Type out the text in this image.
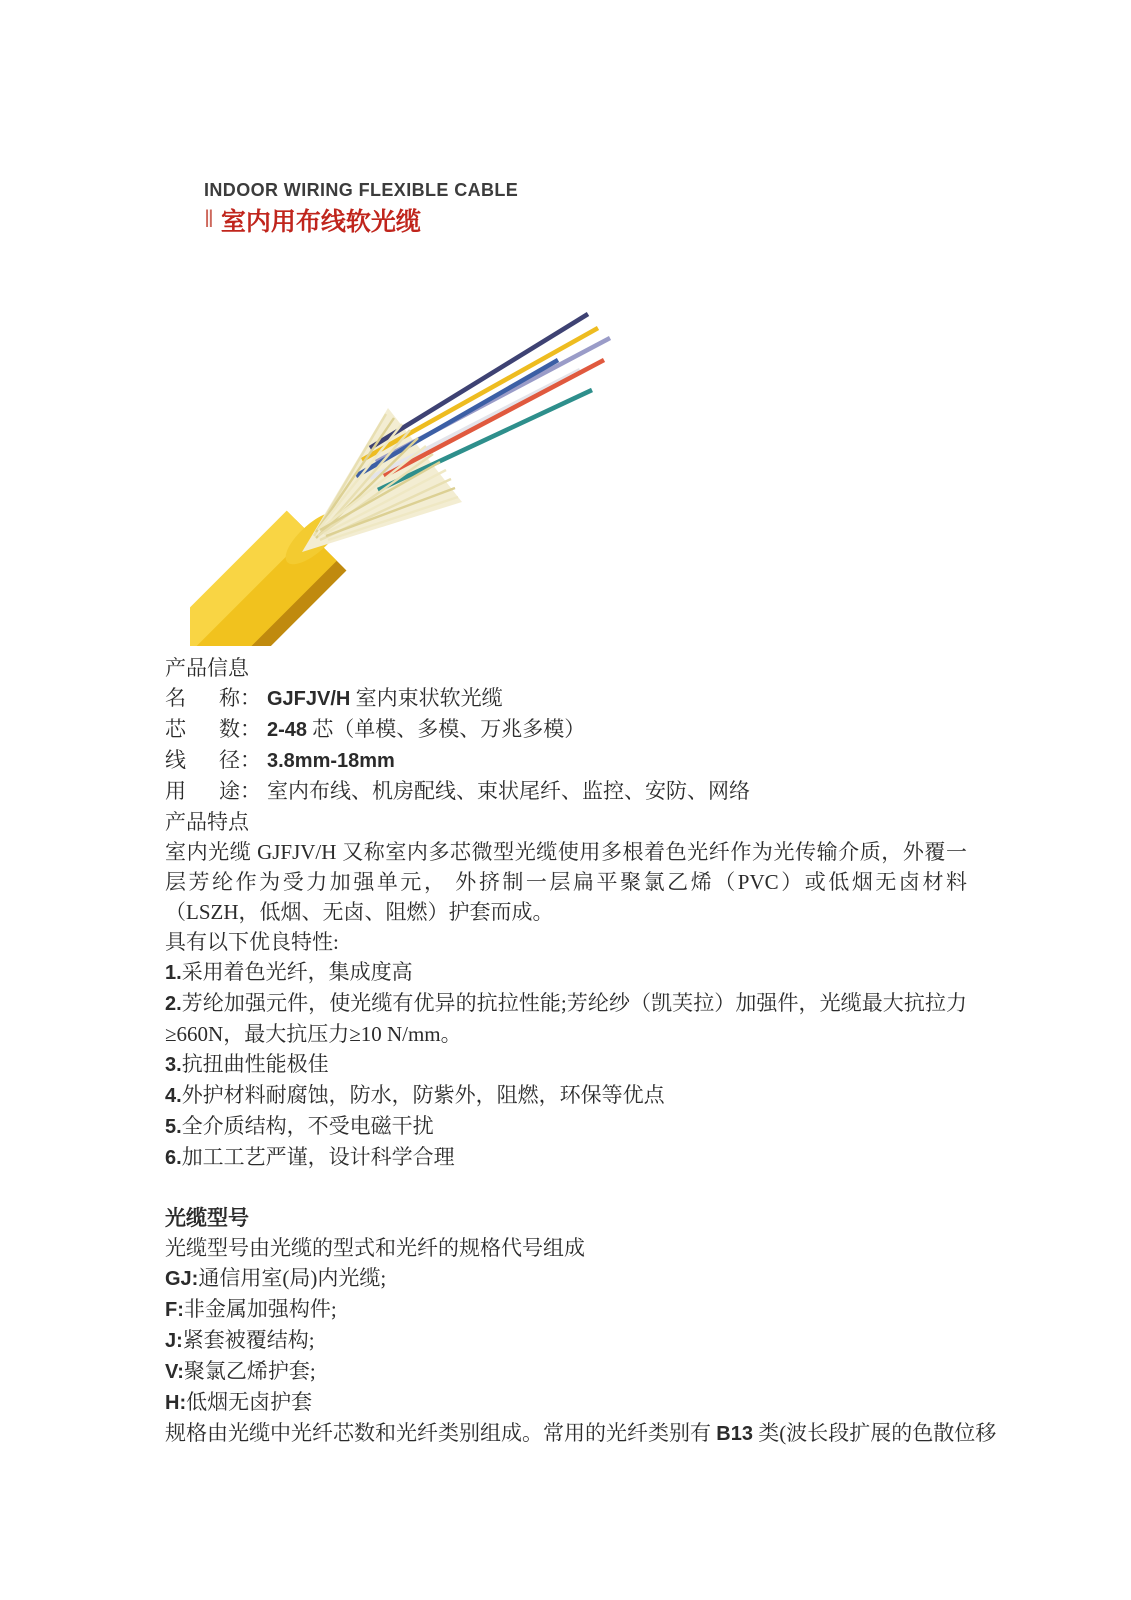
INDOOR WIRING FLEXIBLE CABLE
‖ 室内用布线软光缆

产品信息

名 称： GJFJV/H 室内束状软光缆

芯 数： 2-48 芯（单模、多模、万兆多模）

线 径： 3.8mm-18mm

用 途： 室内布线、机房配线、束状尾纤、监控、安防、网络

产品特点

室内光缆 GJFJV/H 又称室内多芯微型光缆使用多根着色光纤作为光传输介质，外覆一层芳纶作为受力加强单元， 外挤制一层扁平聚氯乙烯（PVC）或低烟无卤材料（LSZH，低烟、无卤、阻燃）护套而成。

具有以下优良特性:

1.采用着色光纤，集成度高

2.芳纶加强元件，使光缆有优异的抗拉性能;芳纶纱（凯芙拉）加强件，光缆最大抗拉力≥660N，最大抗压力≥10 N/mm。

3.抗扭曲性能极佳

4.外护材料耐腐蚀，防水，防紫外，阻燃，环保等优点

5.全介质结构，不受电磁干扰

6.加工工艺严谨，设计科学合理

光缆型号

光缆型号由光缆的型式和光纤的规格代号组成

GJ:通信用室(局)内光缆;

F:非金属加强构件;

J:紧套被覆结构;

V:聚氯乙烯护套;

H:低烟无卤护套

规格由光缆中光纤芯数和光纤类别组成。常用的光纤类别有 B13 类(波长段扩展的色散位移
